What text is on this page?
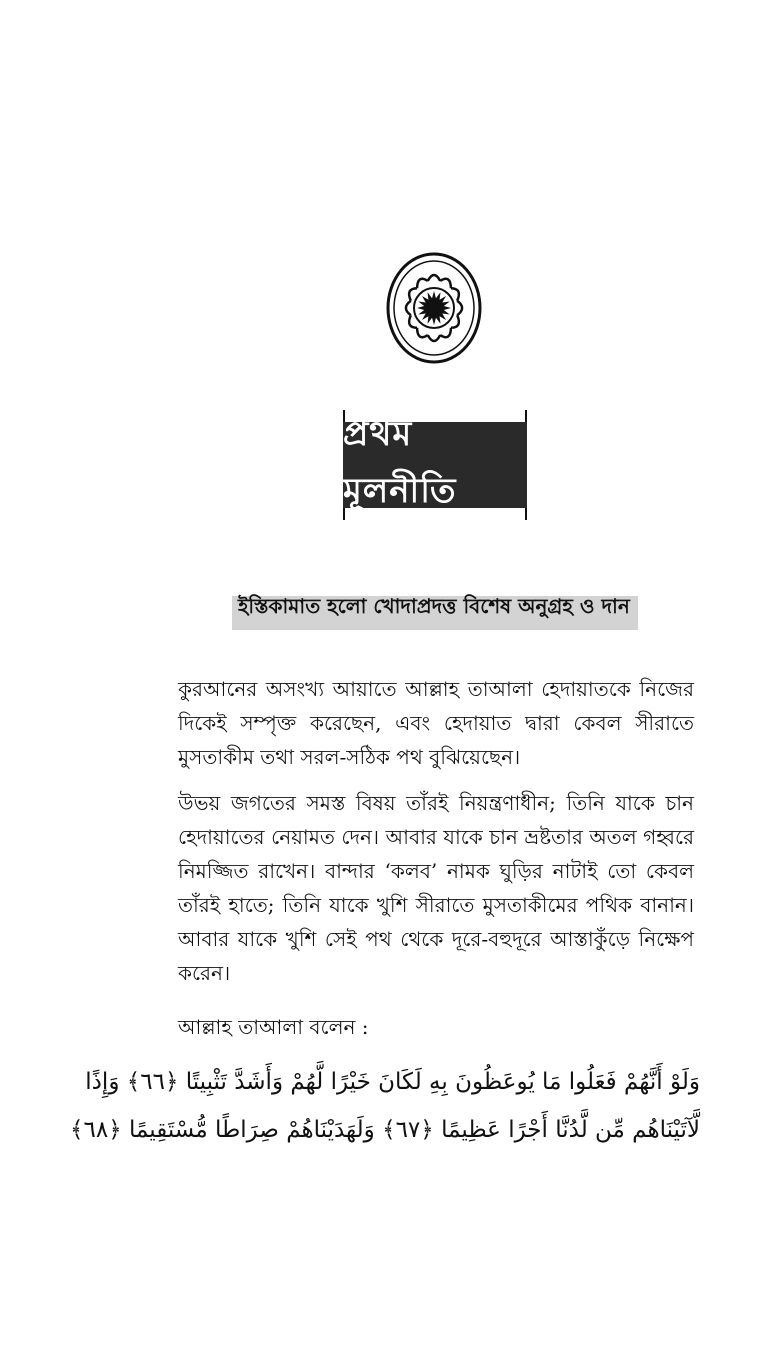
প্রথম মূলনীতি
ইস্তিকামাত হলো খোদাপ্রদত্ত বিশেষ অনুগ্রহ ও দান

কুরআনের অসংখ্য আয়াতে আল্লাহ তাআলা হেদায়াতকে নিজের দিকেই সম্পৃক্ত করেছেন, এবং হেদায়াত দ্বারা কেবল সীরাতে মুসতাকীম তথা সরল-সঠিক পথ বুঝিয়েছেন।

উভয় জগতের সমস্ত বিষয় তাঁরই নিয়ন্ত্রণাধীন; তিনি যাকে চান হেদায়াতের নেয়ামত দেন। আবার যাকে চান ভ্রষ্টতার অতল গহ্বরে নিমজ্জিত রাখেন। বান্দার ‘কলব’ নামক ঘুড়ির নাটাই তো কেবল তাঁরই হাতে; তিনি যাকে খুশি সীরাতে মুসতাকীমের পথিক বানান। আবার যাকে খুশি সেই পথ থেকে দূরে-বহুদূরে আস্তাকুঁড়ে নিক্ষেপ করেন।

আল্লাহ তাআলা বলেন :

وَلَوْ أَنَّهُمْ فَعَلُوا مَا يُوعَظُونَ بِهِ لَكَانَ خَيْرًا لَّهُمْ وَأَشَدَّ تَثْبِيتًا ﴿٦٦﴾ وَإِذًا
لَّآتَيْنَاهُم مِّن لَّدُنَّا أَجْرًا عَظِيمًا ﴿٦٧﴾ وَلَهَدَيْنَاهُمْ صِرَاطًا مُّسْتَقِيمًا ﴿٦٨﴾
